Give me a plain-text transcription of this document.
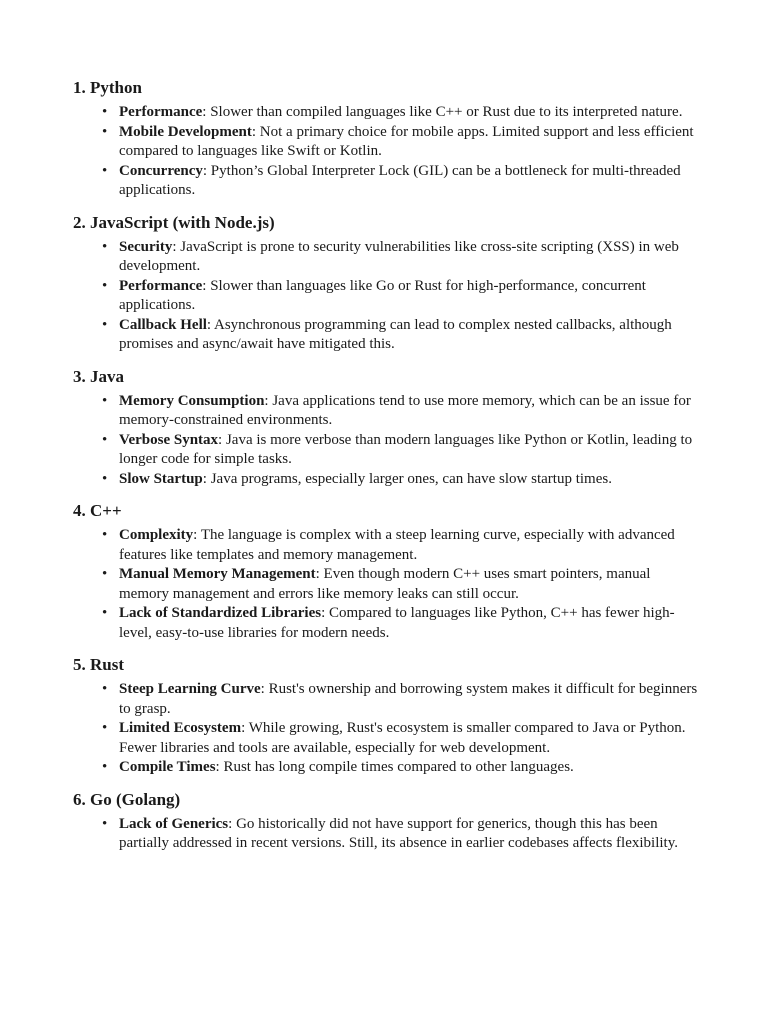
1. Python
• Performance: Slower than compiled languages like C++ or Rust due to its interpreted nature.
• Mobile Development: Not a primary choice for mobile apps. Limited support and less efficient compared to languages like Swift or Kotlin.
• Concurrency: Python’s Global Interpreter Lock (GIL) can be a bottleneck for multi-threaded applications.
2. JavaScript (with Node.js)
• Security: JavaScript is prone to security vulnerabilities like cross-site scripting (XSS) in web development.
• Performance: Slower than languages like Go or Rust for high-performance, concurrent applications.
• Callback Hell: Asynchronous programming can lead to complex nested callbacks, although promises and async/await have mitigated this.
3. Java
• Memory Consumption: Java applications tend to use more memory, which can be an issue for memory-constrained environments.
• Verbose Syntax: Java is more verbose than modern languages like Python or Kotlin, leading to longer code for simple tasks.
• Slow Startup: Java programs, especially larger ones, can have slow startup times.
4. C++
• Complexity: The language is complex with a steep learning curve, especially with advanced features like templates and memory management.
• Manual Memory Management: Even though modern C++ uses smart pointers, manual memory management and errors like memory leaks can still occur.
• Lack of Standardized Libraries: Compared to languages like Python, C++ has fewer high-level, easy-to-use libraries for modern needs.
5. Rust
• Steep Learning Curve: Rust's ownership and borrowing system makes it difficult for beginners to grasp.
• Limited Ecosystem: While growing, Rust's ecosystem is smaller compared to Java or Python. Fewer libraries and tools are available, especially for web development.
• Compile Times: Rust has long compile times compared to other languages.
6. Go (Golang)
• Lack of Generics: Go historically did not have support for generics, though this has been partially addressed in recent versions. Still, its absence in earlier codebases affects flexibility.
